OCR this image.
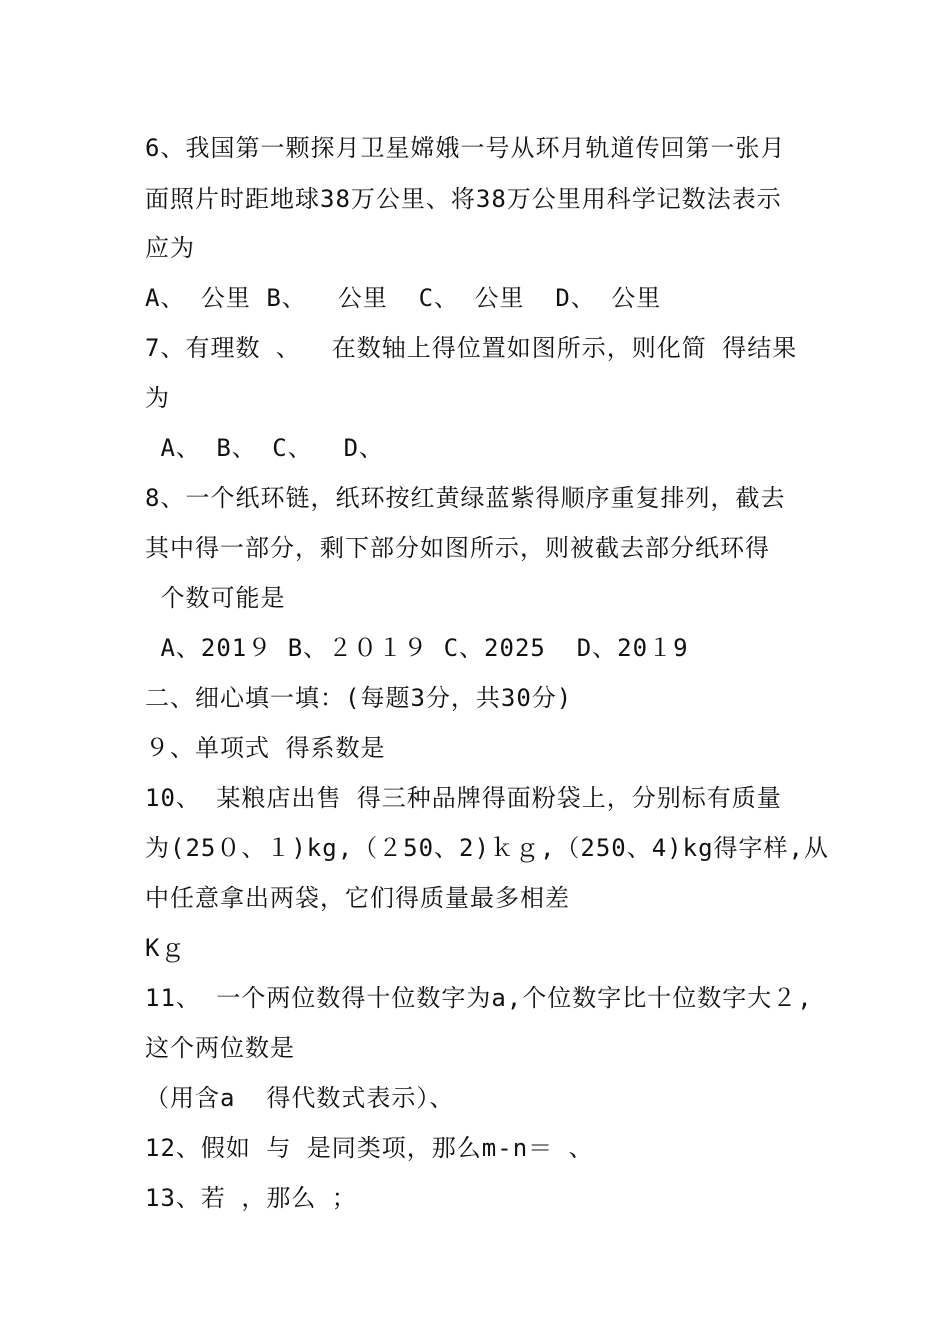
6、我国第一颗探月卫星嫦娥一号从环月轨道传回第一张月
面照片时距地球38万公里、将38万公里用科学记数法表示
应为
A、 公里 B、  公里  C、 公里  D、 公里
7、有理数 、  在数轴上得位置如图所示，则化简 得结果
为
A、 B、 C、  D、
8、一个纸环链，纸环按红黄绿蓝紫得顺序重复排列，截去
其中得一部分，剩下部分如图所示，则被截去部分纸环得
个数可能是
A、201９ B、２０１９ C、2025  D、20１9
二、细心填一填：(每题3分，共30分)
９、单项式 得系数是
10、 某粮店出售 得三种品牌得面粉袋上，分别标有质量
为(25０、１)kg,（２50、2)ｋｇ,（250、4)kg得字样,从
中任意拿出两袋，它们得质量最多相差
Kｇ
11、 一个两位数得十位数字为a,个位数字比十位数字大２,
这个两位数是
（用含a  得代数式表示）、
12、假如 与 是同类项，那么m-n＝ 、
13、若 ，那么 ；
